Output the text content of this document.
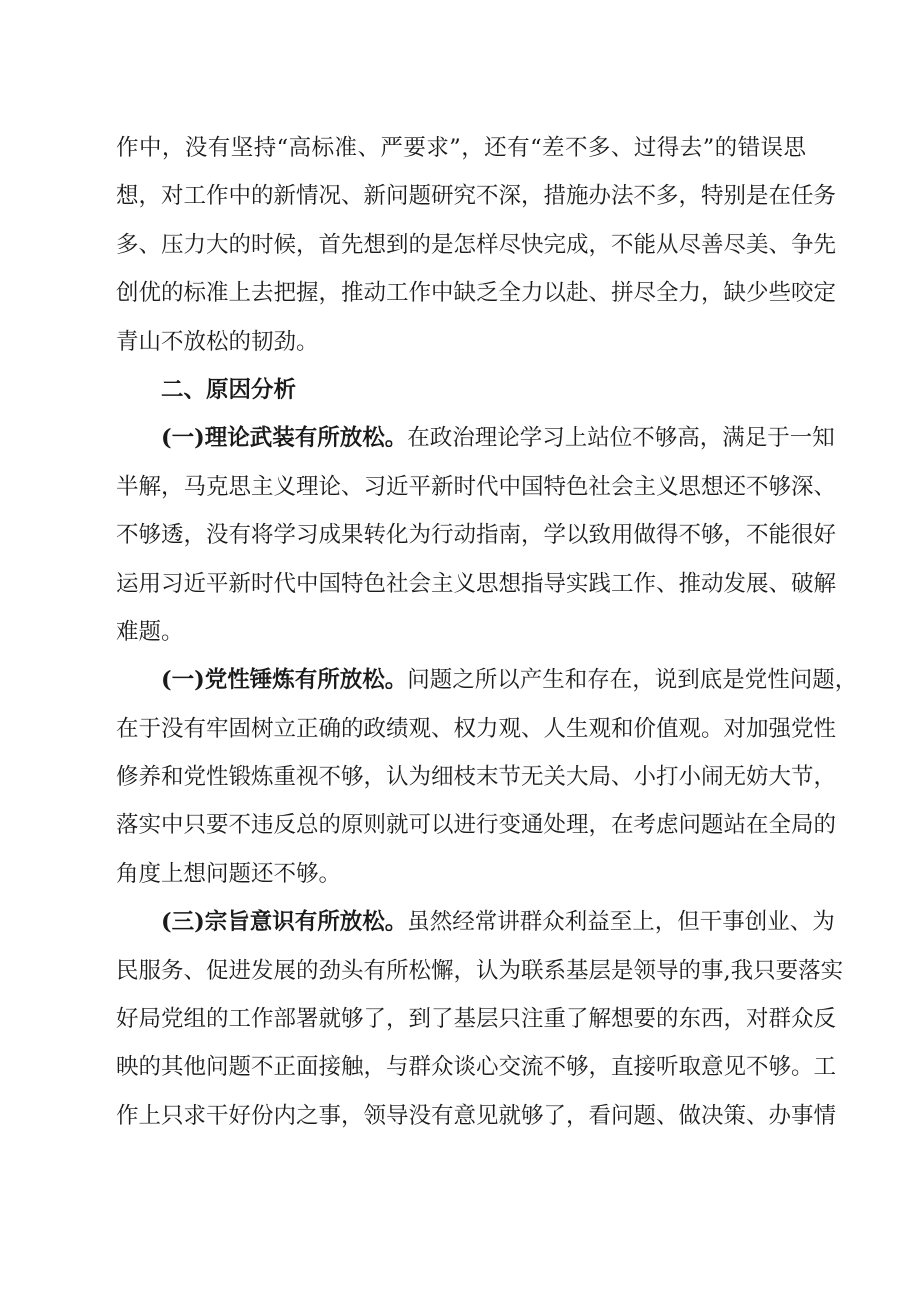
作中，没有坚持“高标准、严要求”，还有“差不多、过得去”的错误思
想，对工作中的新情况、新问题研究不深，措施办法不多，特别是在任务
多、压力大的时候，首先想到的是怎样尽快完成，不能从尽善尽美、争先
创优的标准上去把握，推动工作中缺乏全力以赴、拼尽全力，缺少些咬定
青山不放松的韧劲。
二、原因分析
(一)理论武装有所放松。在政治理论学习上站位不够高，满足于一知
半解，马克思主义理论、习近平新时代中国特色社会主义思想还不够深、
不够透，没有将学习成果转化为行动指南，学以致用做得不够，不能很好
运用习近平新时代中国特色社会主义思想指导实践工作、推动发展、破解
难题。
(一)党性锤炼有所放松。问题之所以产生和存在，说到底是党性问题，
在于没有牢固树立正确的政绩观、权力观、人生观和价值观。对加强党性
修养和党性锻炼重视不够，认为细枝末节无关大局、小打小闹无妨大节，
落实中只要不违反总的原则就可以进行变通处理，在考虑问题站在全局的
角度上想问题还不够。
(三)宗旨意识有所放松。虽然经常讲群众利益至上，但干事创业、为
民服务、促进发展的劲头有所松懈，认为联系基层是领导的事,我只要落实
好局党组的工作部署就够了，到了基层只注重了解想要的东西，对群众反
映的其他问题不正面接触，与群众谈心交流不够，直接听取意见不够。工
作上只求干好份内之事，领导没有意见就够了，看问题、做决策、办事情
